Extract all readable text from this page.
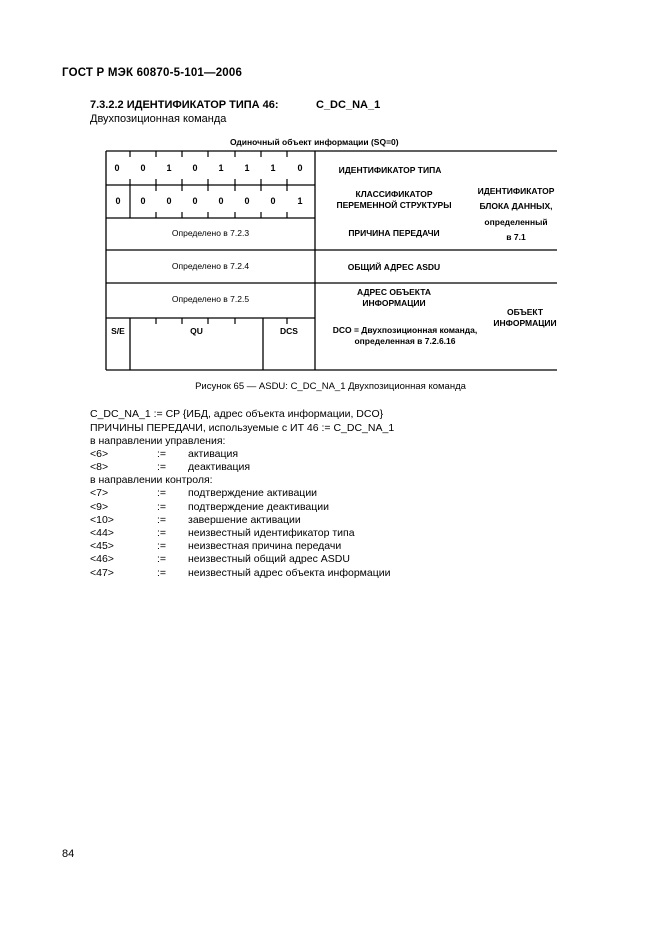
ГОСТ Р МЭК 60870-5-101—2006
7.3.2.2 ИДЕНТИФИКАТОР ТИПА 46:	C_DC_NA_1
Двухпозиционная команда
Одиночный объект информации (SQ=0)
0	0	1	0	1	1	1	0
0	0	0	0	0	0	0	1
Определено в 7.2.3
Определено в 7.2.4
Определено в 7.2.5
S/E	QU	DCS
ИДЕНТИФИКАТОР ТИПА
КЛАССИФИКАТОР
ПЕРЕМЕННОЙ СТРУКТУРЫ
ПРИЧИНА ПЕРЕДАЧИ
ОБЩИЙ АДРЕС ASDU
АДРЕС ОБЪЕКТА
ИНФОРМАЦИИ
DCO = Двухпозиционная команда,
определенная в 7.2.6.16
ИДЕНТИФИКАТОР
БЛОКА ДАННЫХ,
определенный
в 7.1
ОБЪЕКТ
ИНФОРМАЦИИ
Рисунок 65 — ASDU: C_DC_NA_1 Двухпозиционная команда
C_DC_NA_1 := CP {ИБД, адрес объекта информации, DCO}
ПРИЧИНЫ ПЕРЕДАЧИ, используемые с ИТ 46 := C_DC_NA_1
в направлении управления:
<6>	:= активация
<8>	:= деактивация
в направлении контроля:
<7>	:= подтверждение активации
<9>	:= подтверждение деактивации
<10>	:= завершение активации
<44>	:= неизвестный идентификатор типа
<45>	:= неизвестная причина передачи
<46>	:= неизвестный общий адрес ASDU
<47>	:= неизвестный адрес объекта информации
84
